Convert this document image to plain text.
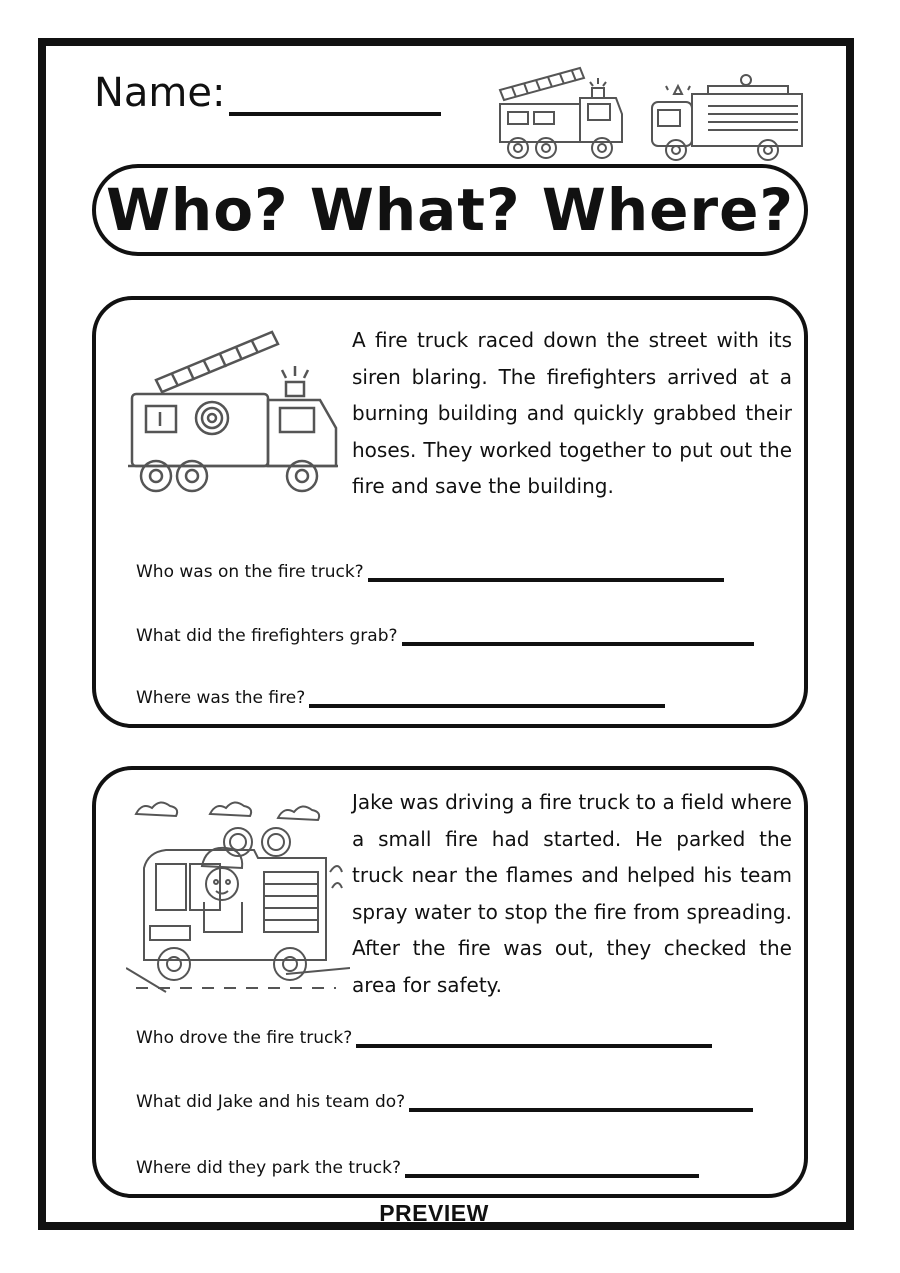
Name:
Who? What? Where?
A fire truck raced down the street with its siren blaring. The firefighters arrived at a burning building and quickly grabbed their hoses. They worked together to put out the fire and save the building.
Who was on the fire truck?
What did the firefighters grab?
Where was the fire?
Jake was driving a fire truck to a field where a small fire had started. He parked the truck near the flames and helped his team spray water to stop the fire from spreading. After the fire was out, they checked the area for safety.
Who drove the fire truck?
What did Jake and his team do?
Where did they park the truck?
PREVIEW
